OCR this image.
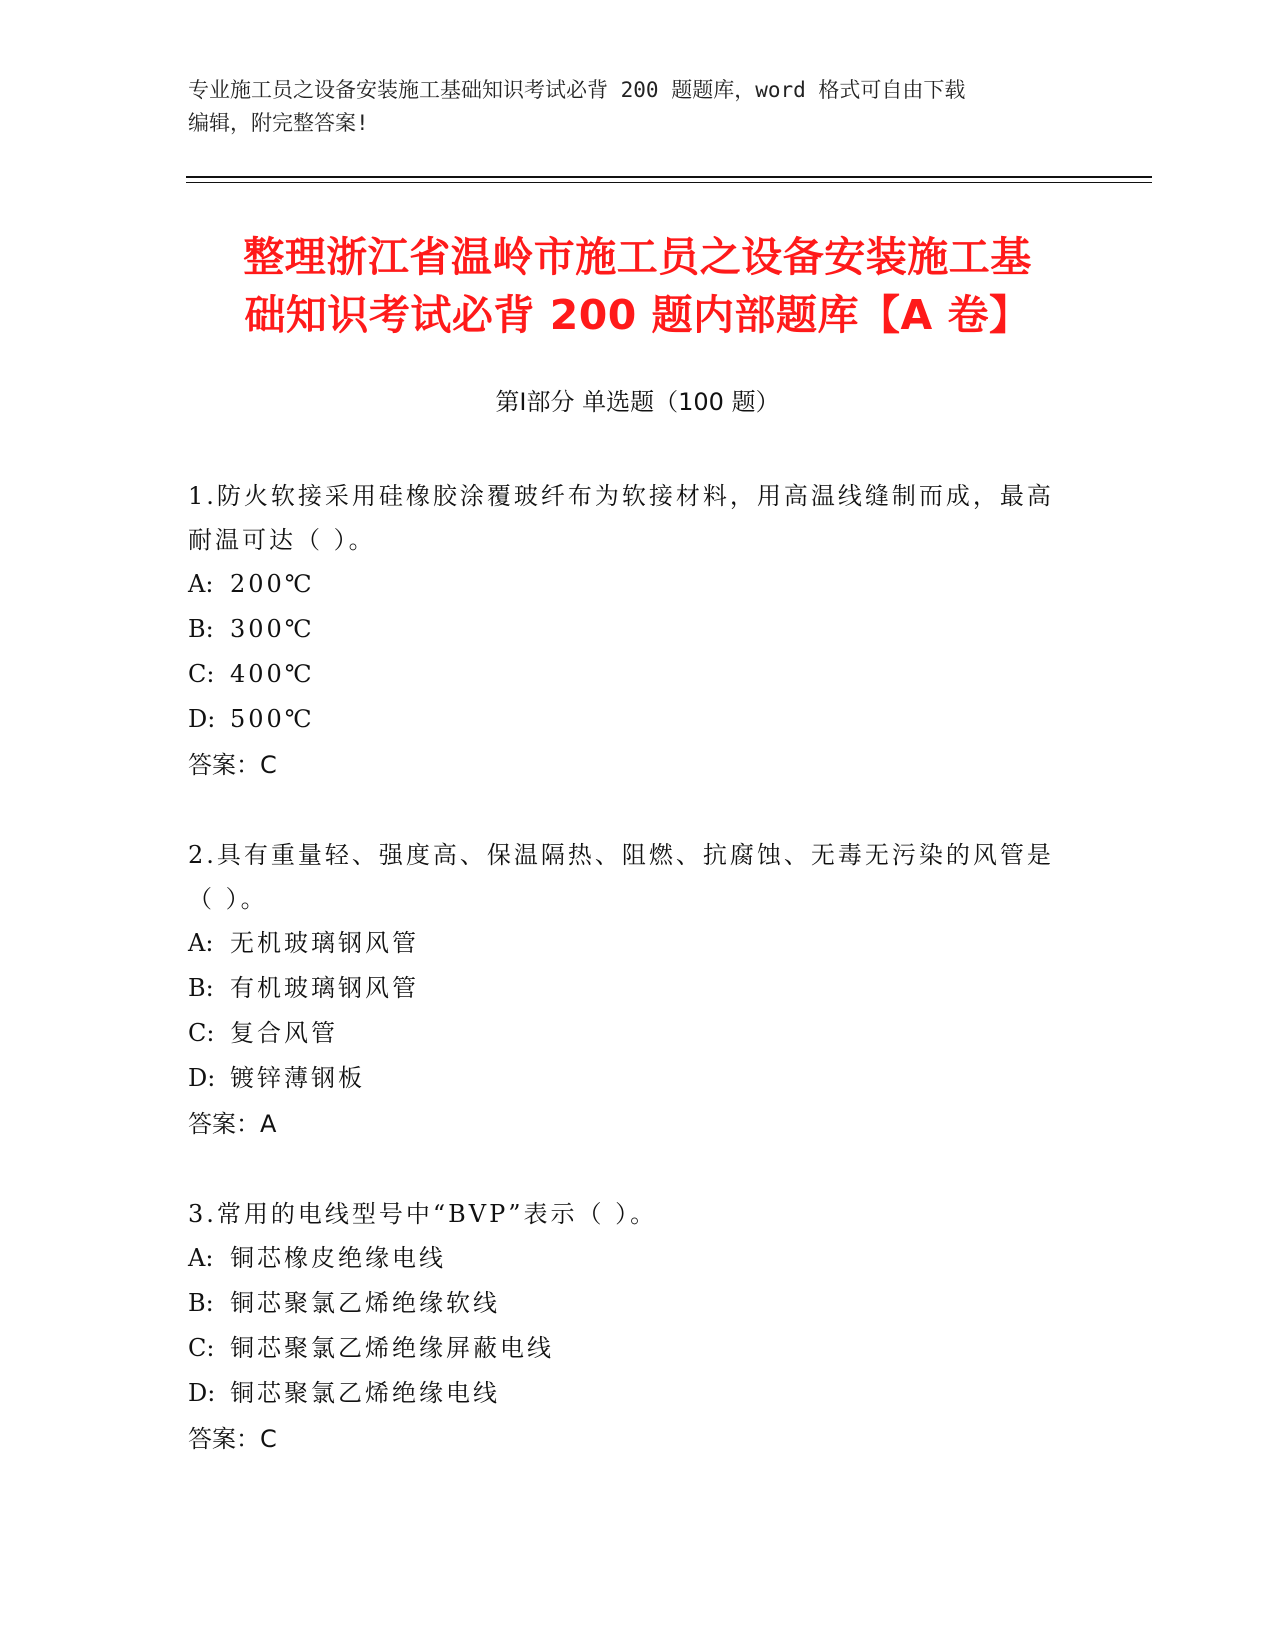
专业施工员之设备安装施工基础知识考试必背 200 题题库，word 格式可自由下载
编辑，附完整答案!
整理浙江省温岭市施工员之设备安装施工基
础知识考试必背 200 题内部题库【A 卷】
第Ⅰ部分 单选题（100 题）
1.防火软接采用硅橡胶涂覆玻纤布为软接材料，用高温线缝制而成，最高耐温可达（ ）。
A: 200℃
B: 300℃
C: 400℃
D: 500℃
答案：C
2.具有重量轻、强度高、保温隔热、阻燃、抗腐蚀、无毒无污染的风管是（ ）。
A: 无机玻璃钢风管
B: 有机玻璃钢风管
C: 复合风管
D: 镀锌薄钢板
答案：A
3.常用的电线型号中“BVP”表示（ ）。
A: 铜芯橡皮绝缘电线
B: 铜芯聚氯乙烯绝缘软线
C: 铜芯聚氯乙烯绝缘屏蔽电线
D: 铜芯聚氯乙烯绝缘电线
答案：C
